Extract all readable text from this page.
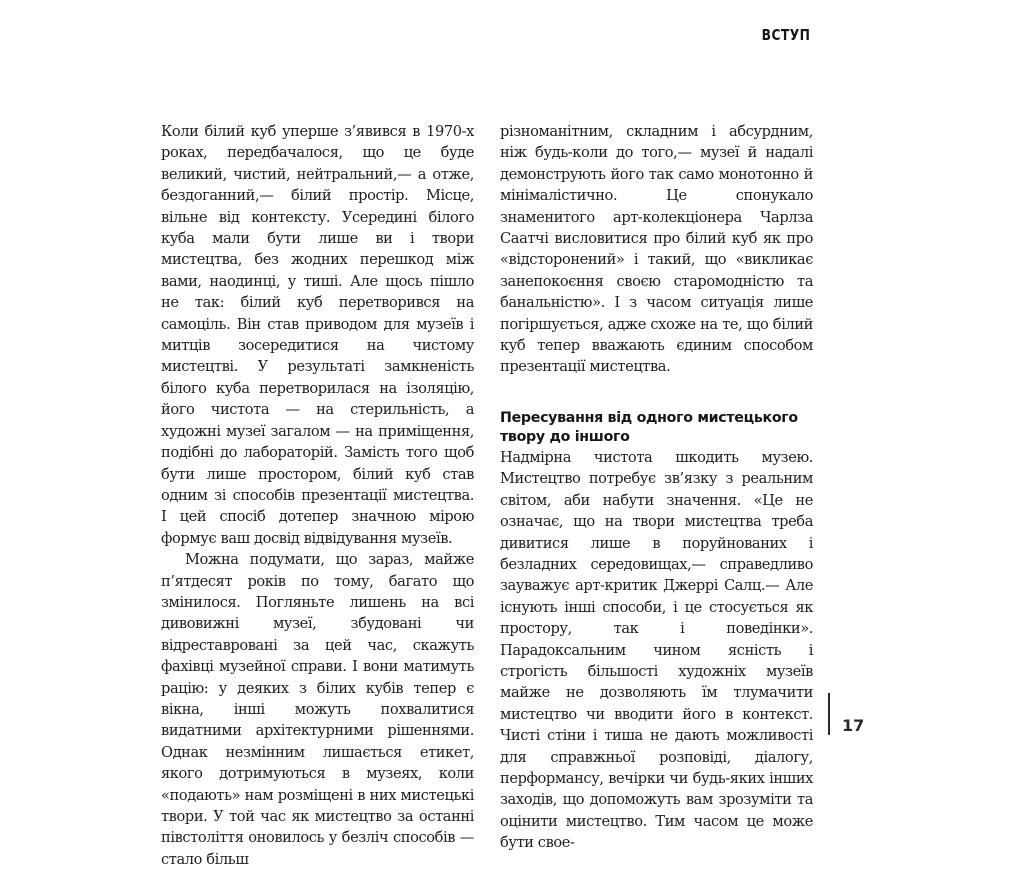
ВСТУП

Коли білий куб уперше з’явився в 1970-х роках, передбачалося, що це буде великий, чистий, нейтральний,— а отже, бездоганний,— білий простір. Місце, вільне від контексту. Усередині білого куба мали бути лише ви і твори мистецтва, без жодних перешкод між вами, наодинці, у тиші. Але щось пішло не так: білий куб перетворився на самоціль. Він став приводом для музеїв і митців зосередитися на чистому мистецтві. У результаті замкненість білого куба перетворилася на ізоляцію, його чистота — на стерильність, а художні музеї загалом — на приміщення, подібні до лабораторій. Замість того щоб бути лише простором, білий куб став одним зі способів презентації мистецтва. І цей спосіб дотепер значною мірою формує ваш досвід відвідування музеїв.

Можна подумати, що зараз, майже п’ятдесят років по тому, багато що змінилося. Погляньте лишень на всі дивовижні музеї, збудовані чи відреставровані за цей час, скажуть фахівці музейної справи. І вони матимуть рацію: у деяких з білих кубів тепер є вікна, інші можуть похвалитися видатними архітектурними рішеннями. Однак незмінним лишається етикет, якого дотримуються в музеях, коли «подають» нам розміщені в них мистецькі твори. У той час як мистецтво за останні півстоліття оновилось у безліч способів — стало більш

різноманітним, складним і абсурдним, ніж будь-коли до того,— музеї й надалі демонструють його так само монотонно й мінімалістично. Це спонукало знаменитого арт-колекціонера Чарлза Саатчі висловитися про білий куб як про «відсторонений» і такий, що «викликає занепокоєння своєю старомодністю та банальністю». І з часом ситуація лише погіршується, адже схоже на те, що білий куб тепер вважають єдиним способом презентації мистецтва.

Пересування від одного мистецького твору до іншого

Надмірна чистота шкодить музею. Мистецтво потребує зв’язку з реальним світом, аби набути значення. «Це не означає, що на твори мистецтва треба дивитися лише в поруйнованих і безладних середовищах,— справедливо зауважує арт-критик Джеррі Салц.— Але існують інші способи, і це стосується як простору, так і поведінки». Парадоксальним чином ясність і строгість більшості художніх музеїв майже не дозволяють їм тлумачити мистецтво чи вводити його в контекст. Чисті стіни і тиша не дають можливості для справжньої розповіді, діалогу, перформансу, вечірки чи будь-яких інших заходів, що допоможуть вам зрозуміти та оцінити мистецтво. Тим часом це може бути свое-

17
